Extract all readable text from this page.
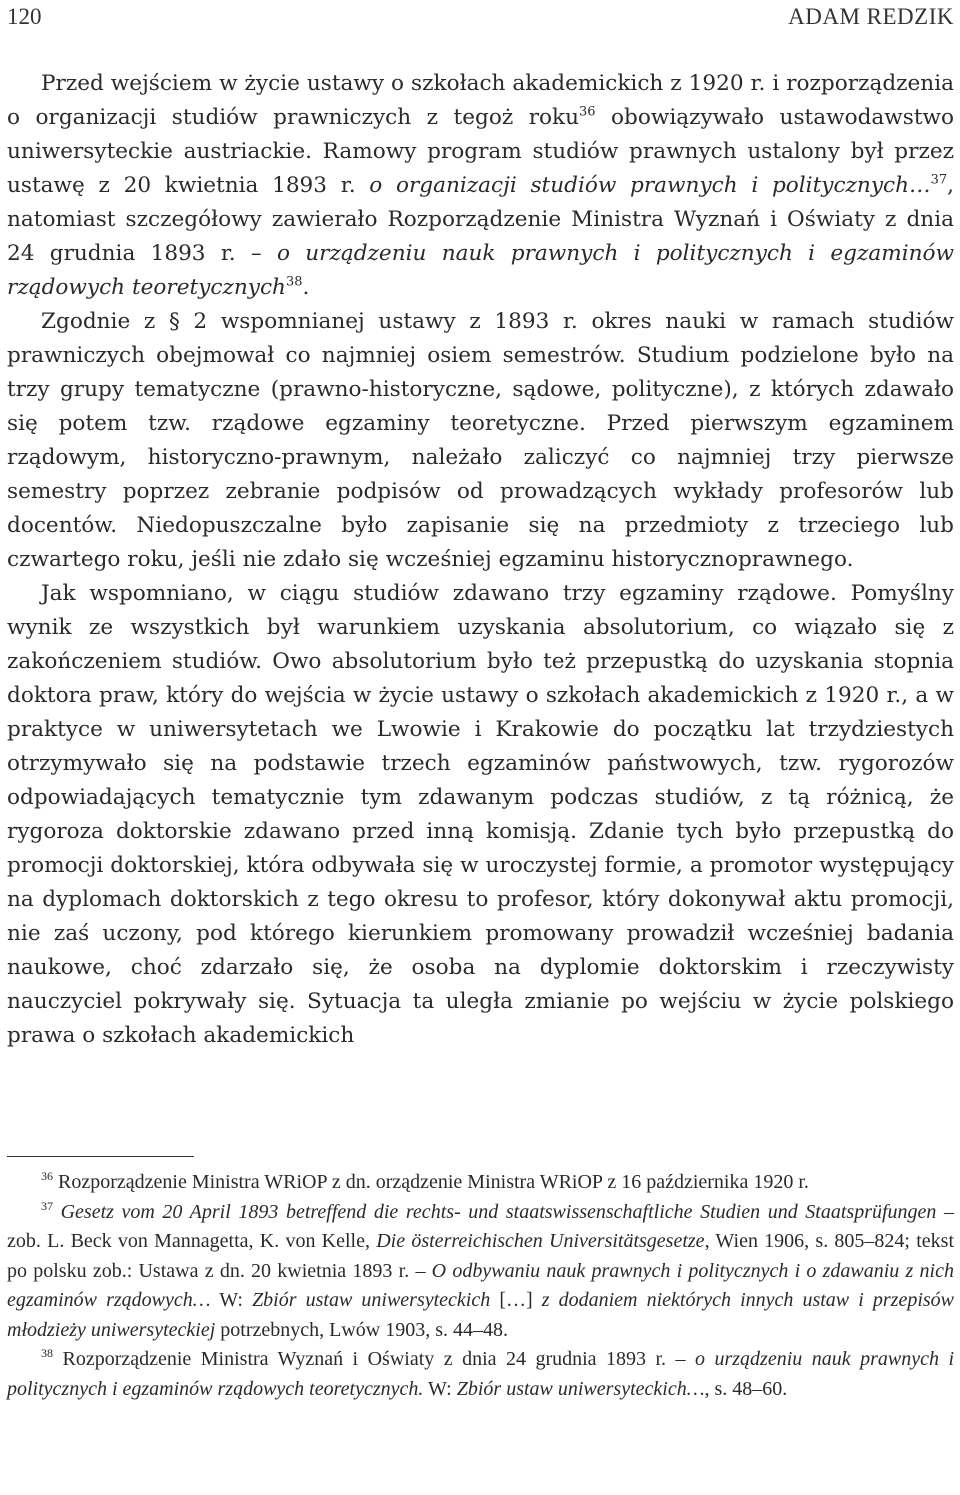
120	ADAM REDZIK

Przed wejściem w życie ustawy o szkołach akademickich z 1920 r. i rozporządzenia o organizacji studiów prawniczych z tegoż roku$^{36}$ obowiązywało ustawodawstwo uniwersyteckie austriackie. Ramowy program studiów prawnych ustalony był przez ustawę z 20 kwietnia 1893 r. o organizacji studiów prawnych i politycznych…$^{37}$, natomiast szczegółowy zawierało Rozporządzenie Ministra Wyznań i Oświaty z dnia 24 grudnia 1893 r. – o urządzeniu nauk prawnych i politycznych i egzaminów rządowych teoretycznych$^{38}$.

Zgodnie z § 2 wspomnianej ustawy z 1893 r. okres nauki w ramach studiów prawniczych obejmował co najmniej osiem semestrów. Studium podzielone było na trzy grupy tematyczne (prawno-historyczne, sądowe, polityczne), z których zdawało się potem tzw. rządowe egzaminy teoretyczne. Przed pierwszym egzaminem rządowym, historyczno-prawnym, należało zaliczyć co najmniej trzy pierwsze semestry poprzez zebranie podpisów od prowadzących wykłady profesorów lub docentów. Niedopuszczalne było zapisanie się na przedmioty z trzeciego lub czwartego roku, jeśli nie zdało się wcześniej egzaminu historycznoprawnego.

Jak wspomniano, w ciągu studiów zdawano trzy egzaminy rządowe. Pomyślny wynik ze wszystkich był warunkiem uzyskania absolutorium, co wiązało się z zakończeniem studiów. Owo absolutorium było też przepustką do uzyskania stopnia doktora praw, który do wejścia w życie ustawy o szkołach akademickich z 1920 r., a w praktyce w uniwersytetach we Lwowie i Krakowie do początku lat trzydziestych otrzymywało się na podstawie trzech egzaminów państwowych, tzw. rygorozów odpowiadających tematycznie tym zdawanym podczas studiów, z tą różnicą, że rygoroza doktorskie zdawano przed inną komisją. Zdanie tych było przepustką do promocji doktorskiej, która odbywała się w uroczystej formie, a promotor występujący na dyplomach doktorskich z tego okresu to profesor, który dokonywał aktu promocji, nie zaś uczony, pod którego kierunkiem promowany prowadził wcześniej badania naukowe, choć zdarzało się, że osoba na dyplomie doktorskim i rzeczywisty nauczyciel pokrywały się. Sytuacja ta uległa zmianie po wejściu w życie polskiego prawa o szkołach akademickich

$^{36}$ Rozporządzenie Ministra WRiOP z dn. orządzenie Ministra WRiOP z 16 października 1920 r.

$^{37}$ Gesetz vom 20 April 1893 betreffend die rechts- und staatswissenschaftliche Studien und Staatsprüfungen – zob. L. Beck von Mannagetta, K. von Kelle, Die österreichischen Universitätsgesetze, Wien 1906, s. 805–824; tekst po polsku zob.: Ustawa z dn. 20 kwietnia 1893 r. – O odbywaniu nauk prawnych i politycznych i o zdawaniu z nich egzaminów rządowych… W: Zbiór ustaw uniwersyteckich […] z dodaniem niektórych innych ustaw i przepisów młodzieży uniwersyteckiej potrzebnych, Lwów 1903, s. 44–48.

$^{38}$ Rozporządzenie Ministra Wyznań i Oświaty z dnia 24 grudnia 1893 r. – o urządzeniu nauk prawnych i politycznych i egzaminów rządowych teoretycznych. W: Zbiór ustaw uniwersyteckich…, s. 48–60.
